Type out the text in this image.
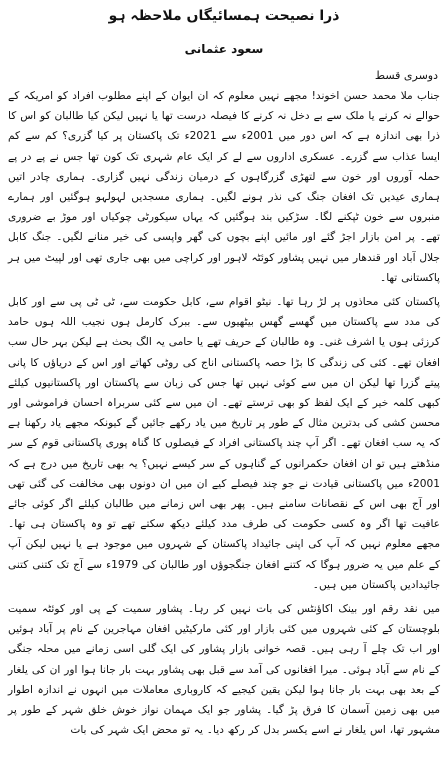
ذرا نصیحت ہمسائیگاں ملاحظہ ہو
سعود عثمانی
دوسری قسط

جناب ملا محمد حسن اخوند! مجھے نہیں معلوم کہ ان ایوان کے اپنے مطلوب افراد کو امریکہ کے حوالے نہ کرنے یا ملک سے بے دخل نہ کرنے کا فیصلہ درست تھا یا نہیں لیکن کیا طالبان کو اس کا ذرا بھی اندازہ ہے کہ اس دور میں 2001ء سے 2021ء تک پاکستان پر کیا گزری؟ کم سے کم ایسا عذاب سے گزرے۔ عسکری اداروں سے لے کر ایک عام شہری تک کون تھا جس نے پے در پے حملہ آوروں اور خون سے لتھڑی گزرگاہوں کے درمیان زندگی نہیں گزاری۔ ہماری چادر اتیں ہماری عیدیں تک افغان جنگ کی نذر ہونے لگیں۔ ہماری مسجدیں لہولہو ہوگئیں اور ہمارے منبروں سے خون ٹپکنے لگا۔ سڑکیں بند ہوگئیں کہ یہاں سیکورٹی چوکیاں اور موڑ بے ضروری تھے۔ پر امن بازار اجڑ گئے اور مائیں اپنے بچوں کی گھر واپسی کی خیر منانے لگیں۔ جنگ کابل جلال آباد اور قندھار میں نہیں پشاور کوئٹہ لاہور اور کراچی میں بھی جاری تھی اور لپیٹ میں ہر پاکستانی تھا۔

پاکستان کئی محاذوں پر لڑ رہا تھا۔ نیٹو اقوام سے، کابل حکومت سے، ٹی ٹی پی سے اور کابل کی مدد سے پاکستان میں گھسے گھس بیٹھیوں سے۔ ببرک کارمل ہوں نجیب اللہ ہوں حامد کرزئی ہوں یا اشرف غنی۔ وہ طالبان کے حریف تھے یا حامی یہ الگ بحث ہے لیکن بہر حال سب افغان تھے۔ کئی کی زندگی کا بڑا حصہ پاکستانی اناج کی روٹی کھاتے اور اس کے دریاؤں کا پانی پیتے گزرا تھا لیکن ان میں سے کوئی نہیں تھا جس کی زبان سے پاکستان اور پاکستانیوں کیلئے کبھی کلمہ خیر کے ایک لفظ کو بھی ترستے تھے۔ ان میں سے کئی سربراہ احسان فراموشی اور محسن کشی کی بدترین مثال کے طور پر تاریخ میں یاد رکھے جائیں گے کیونکہ مجھے یاد رکھنا ہے کہ یہ سب افغان تھے۔ اگر آپ چند پاکستانی افراد کے فیصلوں کا گناہ پوری پاکستانی قوم کے سر منڈھتے ہیں تو ان افغان حکمرانوں کے گناہوں کے سر کیسے نہیں؟ یہ بھی تاریخ میں درج ہے کہ 2001ء میں پاکستانی قیادت نے جو چند فیصلے کیے ان میں ان دونوں بھی مخالفت کی گئی تھی اور آج بھی اس کے نقصانات سامنے ہیں۔ پھر بھی اس زمانے میں طالبان کیلئے اگر کوئی جائے عافیت تھا اگر وہ کسی حکومت کی طرف مدد کیلئے دیکھ سکتے تھے تو وہ پاکستان ہی تھا۔ مجھے معلوم نہیں کہ آپ کی اپنی جائیداد پاکستان کے شہروں میں موجود ہے یا نہیں لیکن آپ کے علم میں یہ ضرور ہوگا کہ کتنے افغان جنگجوؤں اور طالبان کی 1979ء سے آج تک کتنی کتنی جائیدادیں پاکستان میں ہیں۔

میں نقد رقم اور بینک اکاؤنٹس کی بات نہیں کر رہا۔ پشاور سمیت کے پی اور کوئٹہ سمیت بلوچستان کے کئی شہروں میں کئی بازار اور کئی مارکیٹیں افغان مہاجرین کے نام پر آباد ہوئیں اور اب تک چلے آ رہی ہیں۔ قصہ خوانی بازار پشاور کی ایک گلی اسی زمانے میں محلہ جنگی کے نام سے آباد ہوئی۔ میرا افغانوں کی آمد سے قبل بھی پشاور بہت بار جانا ہوا اور ان کی یلغار کے بعد بھی بہت بار جانا ہوا لیکن یقین کیجیے کہ کاروباری معاملات میں انہوں نے اندازہ اطوار میں بھی زمین آسمان کا فرق پڑ گیا۔ پشاور جو ایک مہمان نواز خوش خلق شہر کے طور پر مشہور تھا، اس یلغار نے اسے یکسر بدل کر رکھ دیا۔ یہ تو محض ایک شہر کی بات
